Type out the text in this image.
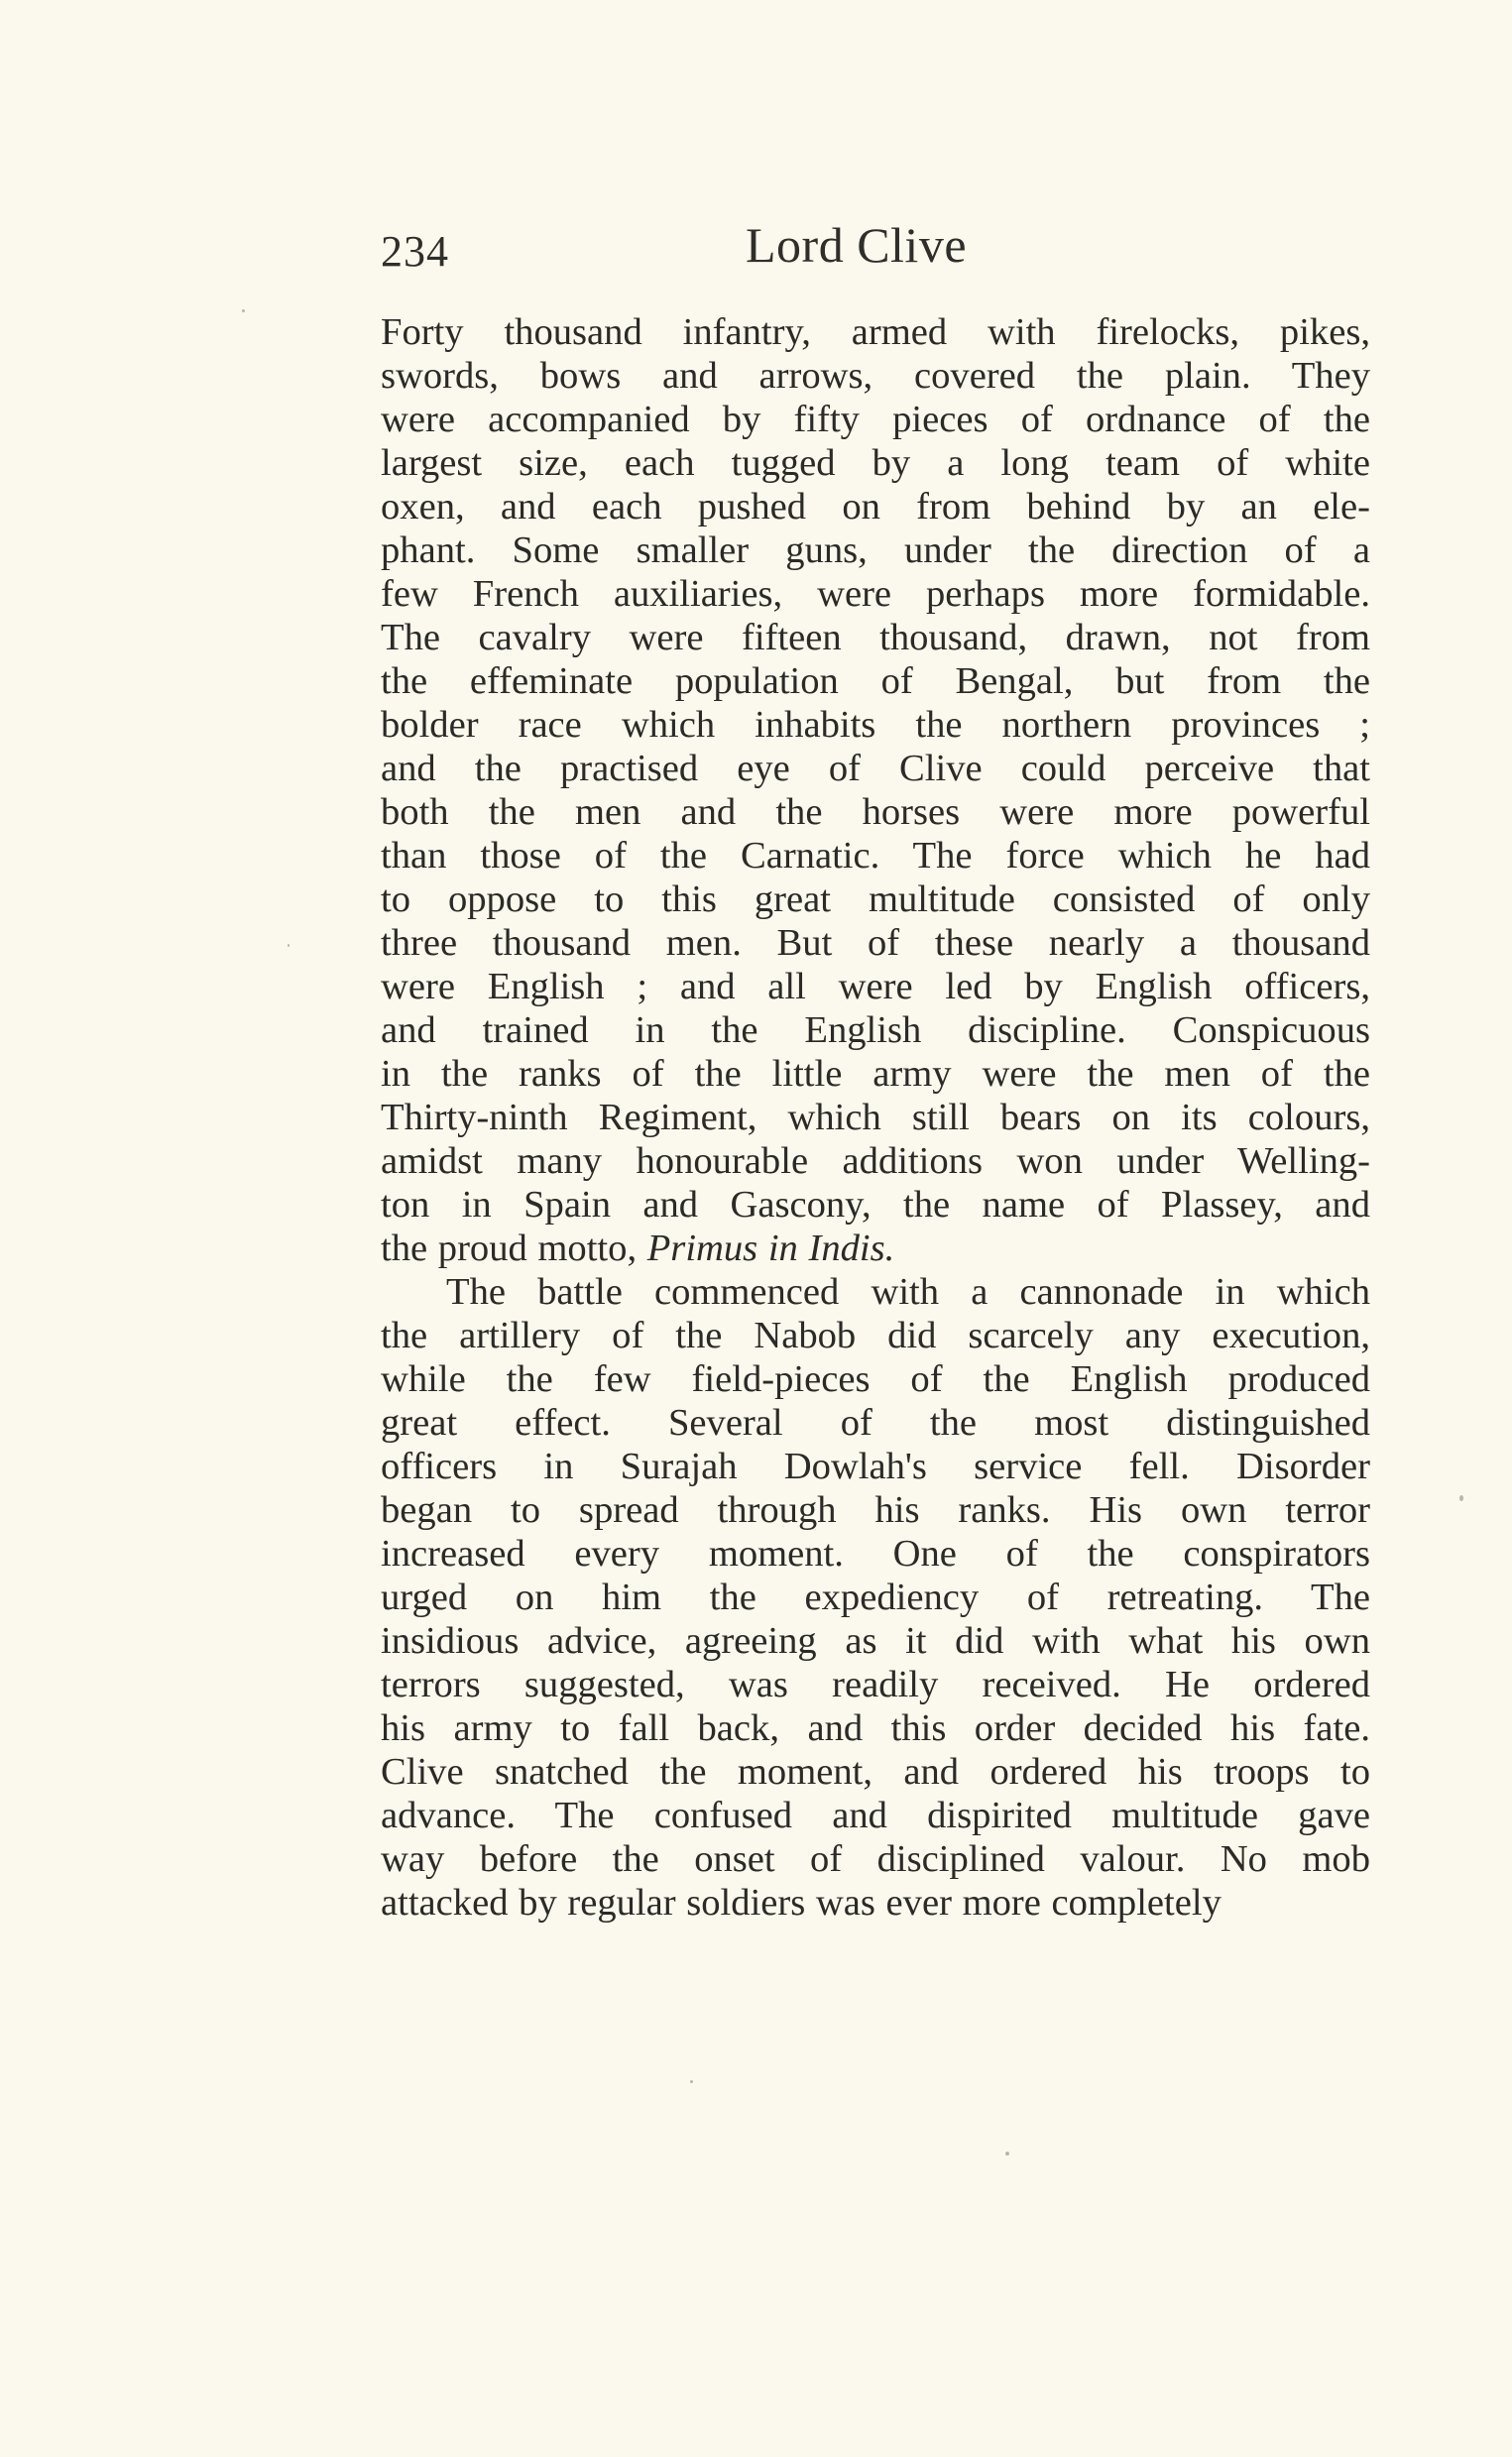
234	Lord Clive
Forty thousand infantry, armed with firelocks, pikes,
swords, bows and arrows, covered the plain. They
were accompanied by fifty pieces of ordnance of the
largest size, each tugged by a long team of white
oxen, and each pushed on from behind by an ele-
phant. Some smaller guns, under the direction of a
few French auxiliaries, were perhaps more formidable.
The cavalry were fifteen thousand, drawn, not from
the effeminate population of Bengal, but from the
bolder race which inhabits the northern provinces ;
and the practised eye of Clive could perceive that
both the men and the horses were more powerful
than those of the Carnatic. The force which he had
to oppose to this great multitude consisted of only
three thousand men. But of these nearly a thousand
were English ; and all were led by English officers,
and trained in the English discipline. Conspicuous
in the ranks of the little army were the men of the
Thirty-ninth Regiment, which still bears on its colours,
amidst many honourable additions won under Welling-
ton in Spain and Gascony, the name of Plassey, and
the proud motto, Primus in Indis.
The battle commenced with a cannonade in which
the artillery of the Nabob did scarcely any execution,
while the few field-pieces of the English produced
great effect. Several of the most distinguished
officers in Surajah Dowlah's service fell. Disorder
began to spread through his ranks. His own terror
increased every moment. One of the conspirators
urged on him the expediency of retreating. The
insidious advice, agreeing as it did with what his own
terrors suggested, was readily received. He ordered
his army to fall back, and this order decided his fate.
Clive snatched the moment, and ordered his troops to
advance. The confused and dispirited multitude gave
way before the onset of disciplined valour. No mob
attacked by regular soldiers was ever more completely
